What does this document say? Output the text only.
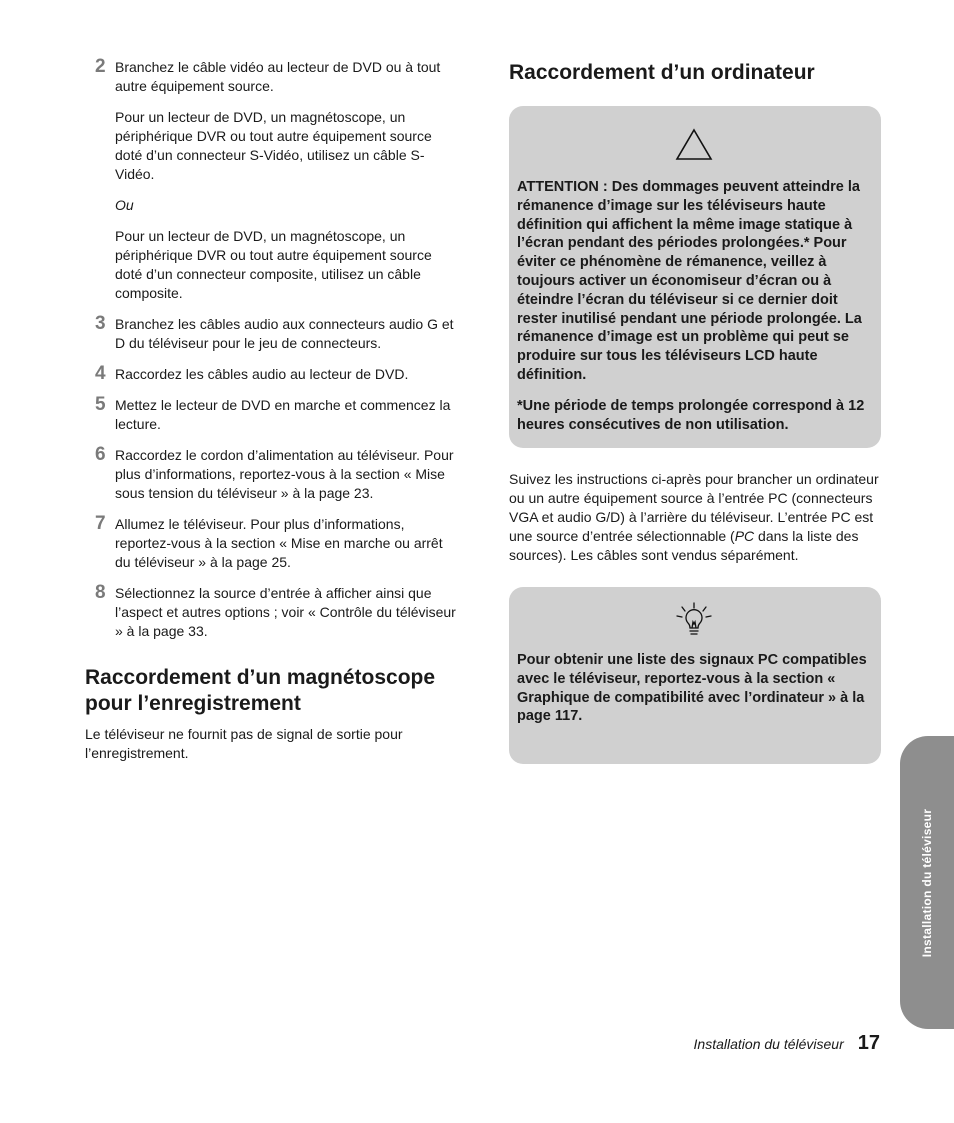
2 Branchez le câble vidéo au lecteur de DVD ou à tout autre équipement source.

Pour un lecteur de DVD, un magnétoscope, un périphérique DVR ou tout autre équipement source doté d’un connecteur S-Vidéo, utilisez un câble S-Vidéo.

Ou

Pour un lecteur de DVD, un magnétoscope, un périphérique DVR ou tout autre équipement source doté d’un connecteur composite, utilisez un câble composite.

3 Branchez les câbles audio aux connecteurs audio G et D du téléviseur pour le jeu de connecteurs.

4 Raccordez les câbles audio au lecteur de DVD.

5 Mettez le lecteur de DVD en marche et commencez la lecture.

6 Raccordez le cordon d’alimentation au téléviseur. Pour plus d’informations, reportez-vous à la section « Mise sous tension du téléviseur » à la page 23.

7 Allumez le téléviseur. Pour plus d’informations, reportez-vous à la section « Mise en marche ou arrêt du téléviseur » à la page 25.

8 Sélectionnez la source d’entrée à afficher ainsi que l’aspect et autres options ; voir « Contrôle du téléviseur » à la page 33.

Raccordement d’un magnétoscope pour l’enregistrement

Le téléviseur ne fournit pas de signal de sortie pour l’enregistrement.

Raccordement d’un ordinateur

ATTENTION : Des dommages peuvent atteindre la rémanence d’image sur les téléviseurs haute définition qui affichent la même image statique à l’écran pendant des périodes prolongées.* Pour éviter ce phénomène de rémanence, veillez à toujours activer un économiseur d’écran ou à éteindre l’écran du téléviseur si ce dernier doit rester inutilisé pendant une période prolongée. La rémanence d’image est un problème qui peut se produire sur tous les téléviseurs LCD haute définition.

*Une période de temps prolongée correspond à 12 heures consécutives de non utilisation.

Suivez les instructions ci-après pour brancher un ordinateur ou un autre équipement source à l’entrée PC (connecteurs VGA et audio G/D) à l’arrière du téléviseur. L’entrée PC est une source d’entrée sélectionnable (PC dans la liste des sources). Les câbles sont vendus séparément.

Pour obtenir une liste des signaux PC compatibles avec le téléviseur, reportez-vous à la section « Graphique de compatibilité avec l’ordinateur » à la page 117.

Installation du téléviseur
Installation du téléviseur 17
